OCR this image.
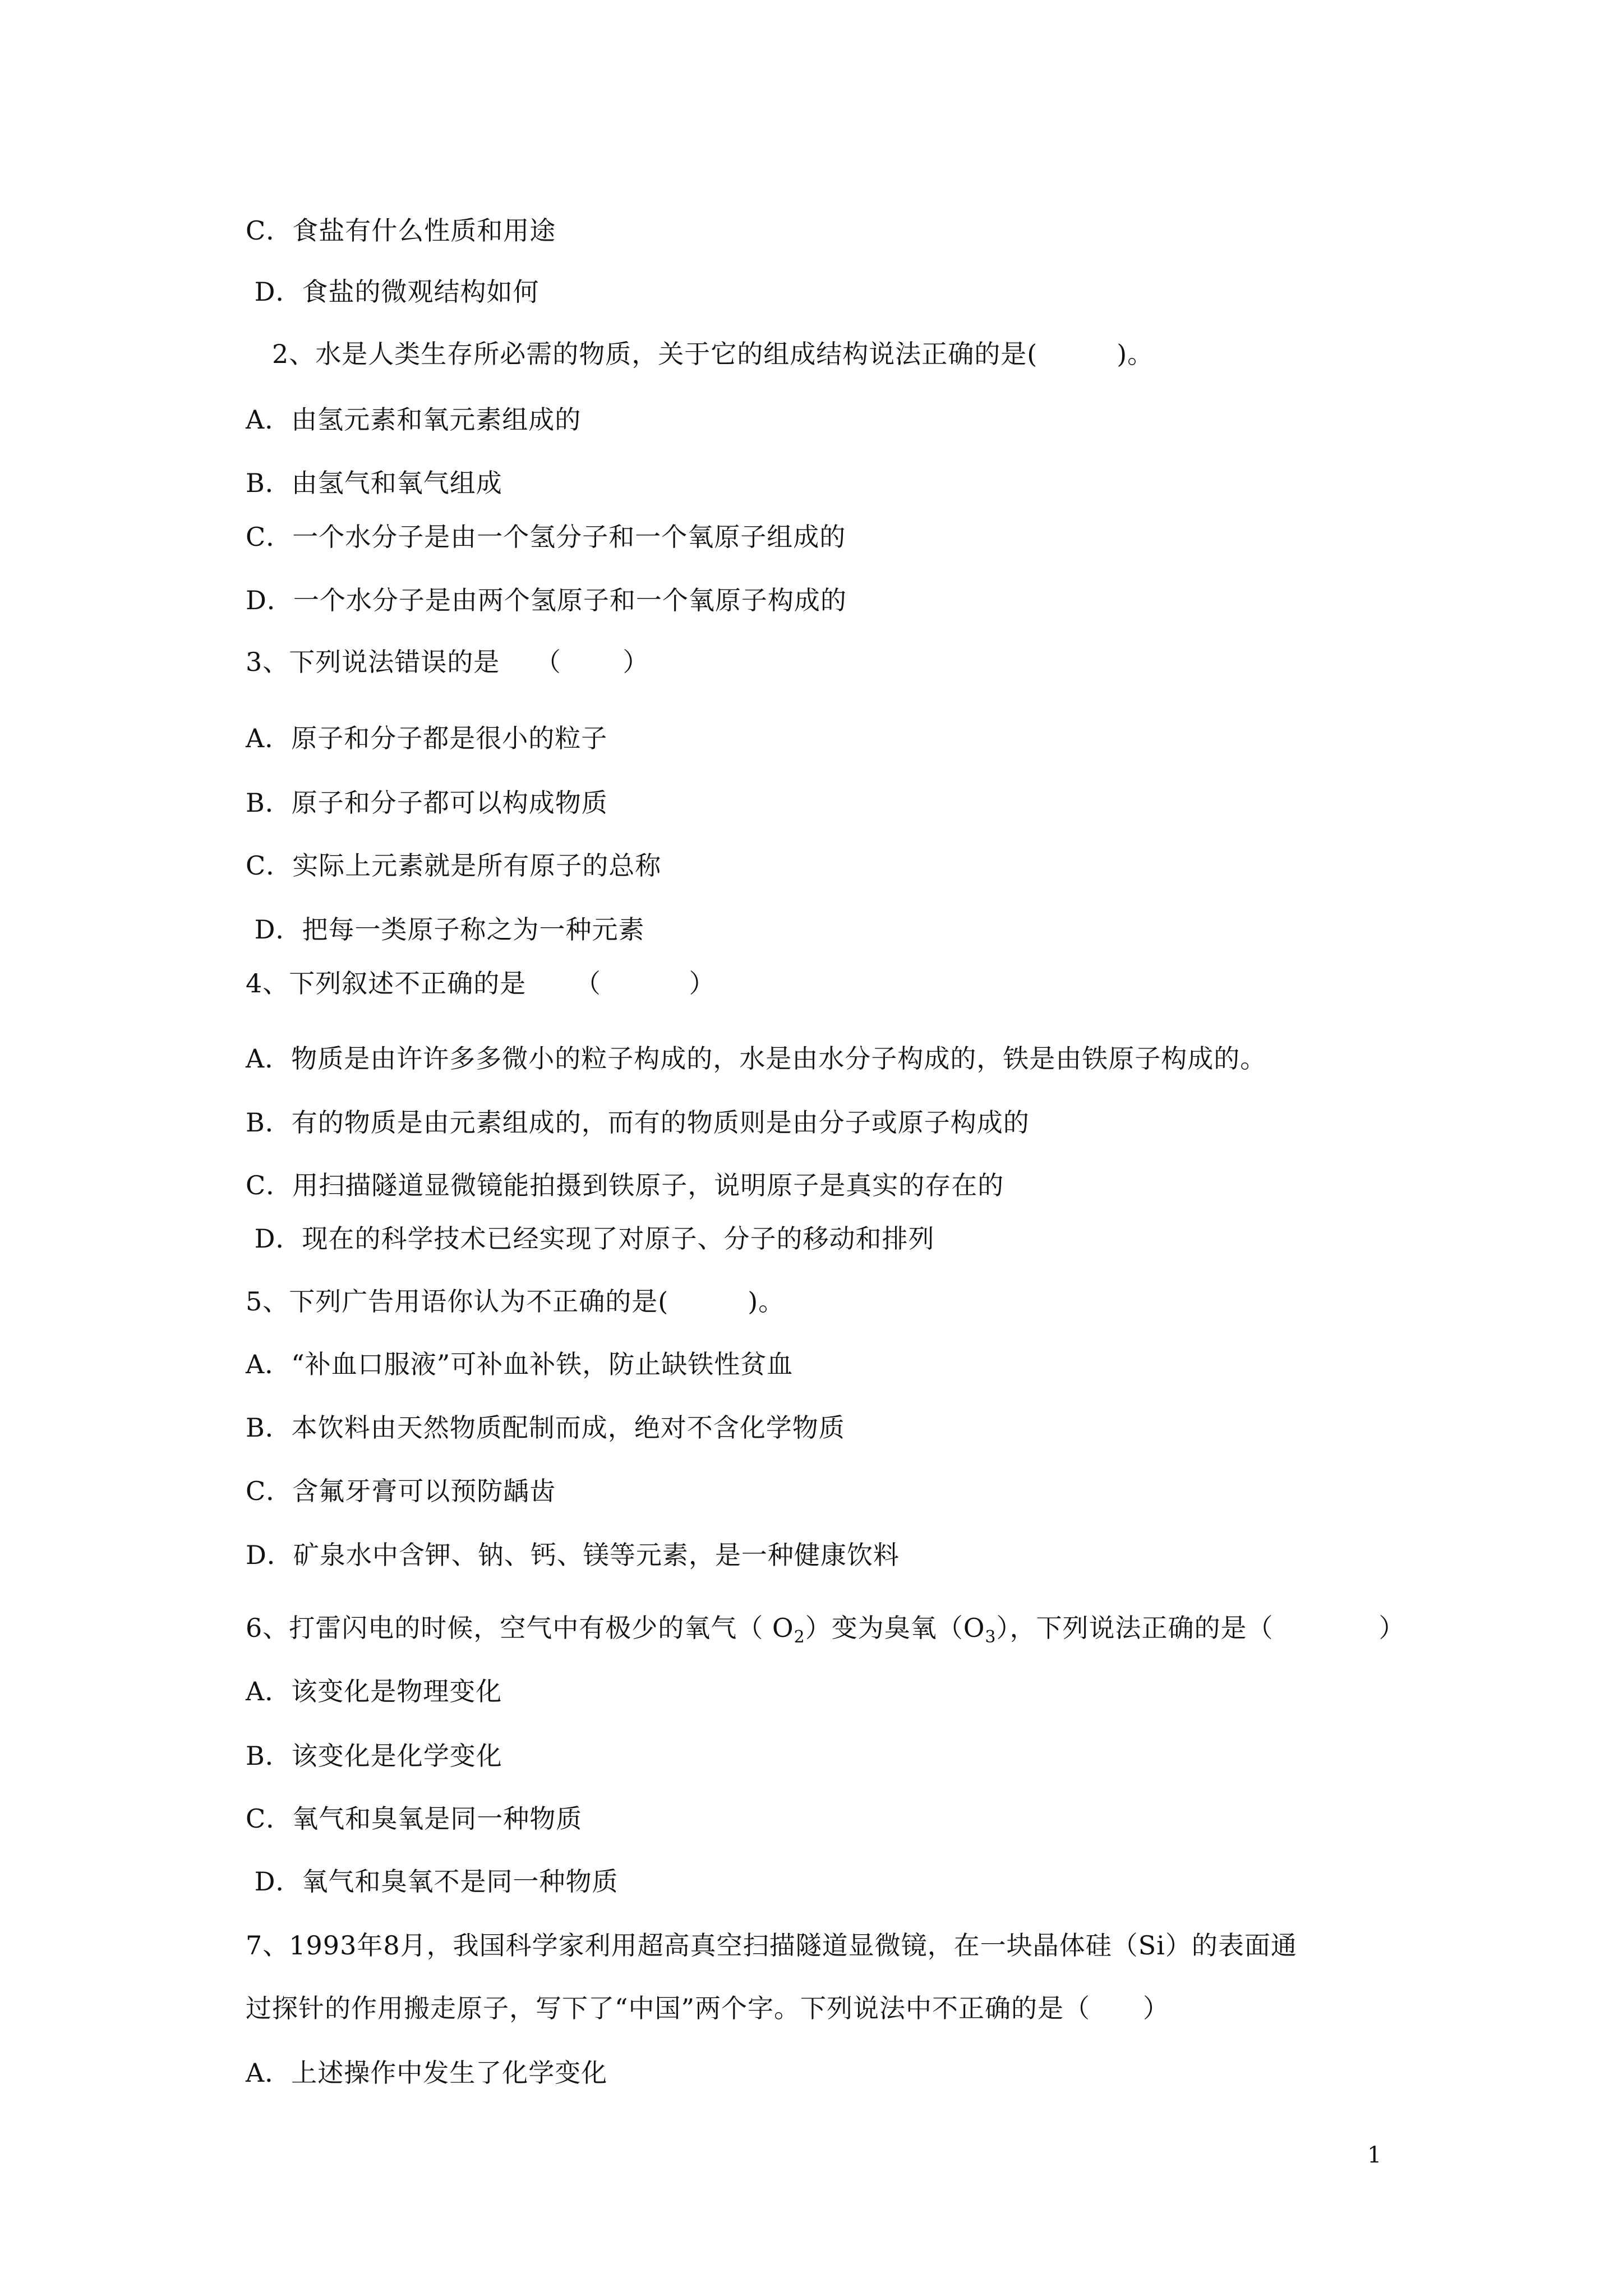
C．食盐有什么性质和用途
D．食盐的微观结构如何
　2、水是人类生存所必需的物质，关于它的组成结构说法正确的是(　　　)。
A．由氢元素和氧元素组成的
B．由氢气和氧气组成
C．一个水分子是由一个氢分子和一个氧原子组成的
D．一个水分子是由两个氢原子和一个氧原子构成的
3、下列说法错误的是　 （　　 ）
A．原子和分子都是很小的粒子
B．原子和分子都可以构成物质
C．实际上元素就是所有原子的总称
D．把每一类原子称之为一种元素
4、下列叙述不正确的是　 　（　　　 ）
A．物质是由许许多多微小的粒子构成的，水是由水分子构成的，铁是由铁原子构成的。
B．有的物质是由元素组成的，而有的物质则是由分子或原子构成的
C．用扫描隧道显微镜能拍摄到铁原子，说明原子是真实的存在的
D．现在的科学技术已经实现了对原子、分子的移动和排列
5、下列广告用语你认为不正确的是(　　　)。
A．“补血口服液”可补血补铁，防止缺铁性贫血
B．本饮料由天然物质配制而成，绝对不含化学物质
C．含氟牙膏可以预防龋齿
D．矿泉水中含钾、钠、钙、镁等元素，是一种健康饮料
6、打雷闪电的时候，空气中有极少的氧气（ $O_2$）变为臭氧$(O_3)$，下列说法正确的是（　　　　）
A．该变化是物理变化
B．该变化是化学变化
C．氧气和臭氧是同一种物质
D．氧气和臭氧不是同一种物质
7、1993年8月，我国科学家利用超高真空扫描隧道显微镜，在一块晶体硅（Si）的表面通
过探针的作用搬走原子，写下了“中国”两个字。下列说法中不正确的是（　　）
A．上述操作中发生了化学变化
1
